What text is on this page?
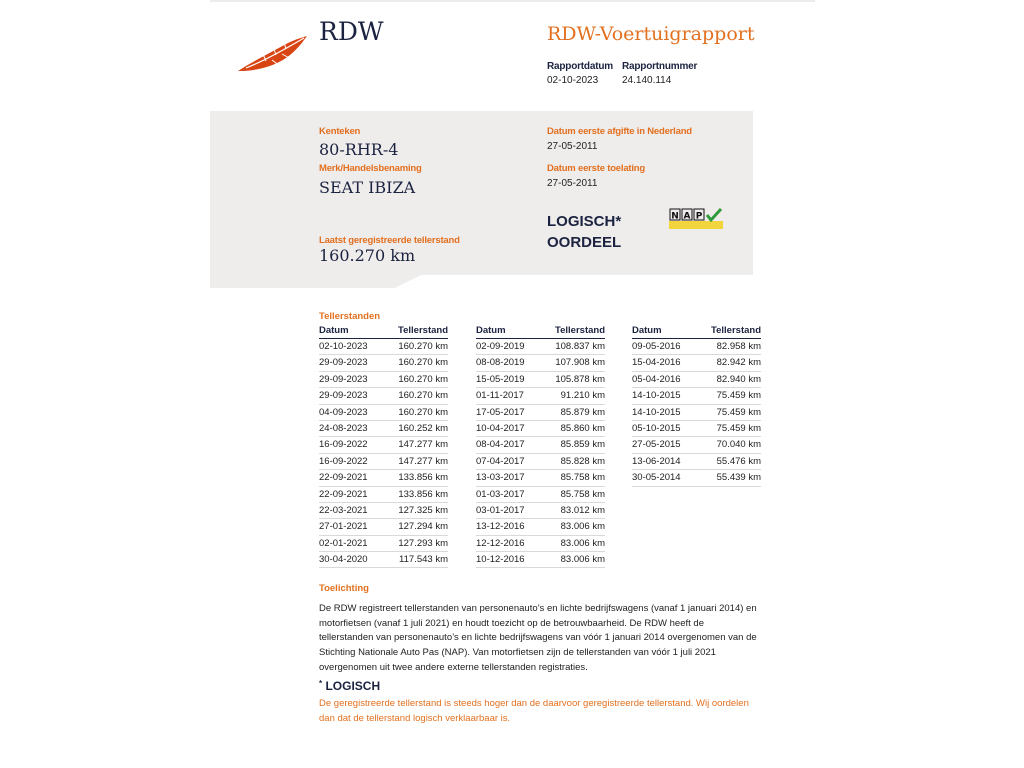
RDW	RDW-Voertuigrapport
Rapportdatum
02-10-2023
Rapportnummer
24.140.114
Kenteken
80-RHR-4
Merk/Handelsbenaming
SEAT IBIZA
Laatst geregistreerde tellerstand
160.270 km
Datum eerste afgifte in Nederland
27-05-2011
Datum eerste toelating
27-05-2011
LOGISCH*
OORDEEL
N A P
Tellerstanden
Datum	Tellerstand
02-10-2023	160.270 km
29-09-2023	160.270 km
29-09-2023	160.270 km
29-09-2023	160.270 km
04-09-2023	160.270 km
24-08-2023	160.252 km
16-09-2022	147.277 km
16-09-2022	147.277 km
22-09-2021	133.856 km
22-09-2021	133.856 km
22-03-2021	127.325 km
27-01-2021	127.294 km
02-01-2021	127.293 km
30-04-2020	117.543 km
Datum	Tellerstand
02-09-2019	108.837 km
08-08-2019	107.908 km
15-05-2019	105.878 km
01-11-2017	91.210 km
17-05-2017	85.879 km
10-04-2017	85.860 km
08-04-2017	85.859 km
07-04-2017	85.828 km
13-03-2017	85.758 km
01-03-2017	85.758 km
03-01-2017	83.012 km
13-12-2016	83.006 km
12-12-2016	83.006 km
10-12-2016	83.006 km
Datum	Tellerstand
09-05-2016	82.958 km
15-04-2016	82.942 km
05-04-2016	82.940 km
14-10-2015	75.459 km
14-10-2015	75.459 km
05-10-2015	75.459 km
27-05-2015	70.040 km
13-06-2014	55.476 km
30-05-2014	55.439 km
Toelichting
De RDW registreert tellerstanden van personenauto’s en lichte bedrijfswagens (vanaf 1 januari 2014) en motorfietsen (vanaf 1 juli 2021) en houdt toezicht op de betrouwbaarheid. De RDW heeft de tellerstanden van personenauto’s en lichte bedrijfswagens van vóór 1 januari 2014 overgenomen van de Stichting Nationale Auto Pas (NAP). Van motorfietsen zijn de tellerstanden van vóór 1 juli 2021 overgenomen uit twee andere externe tellerstanden registraties.
* LOGISCH
De geregistreerde tellerstand is steeds hoger dan de daarvoor geregistreerde tellerstand. Wij oordelen dan dat de tellerstand logisch verklaarbaar is.
